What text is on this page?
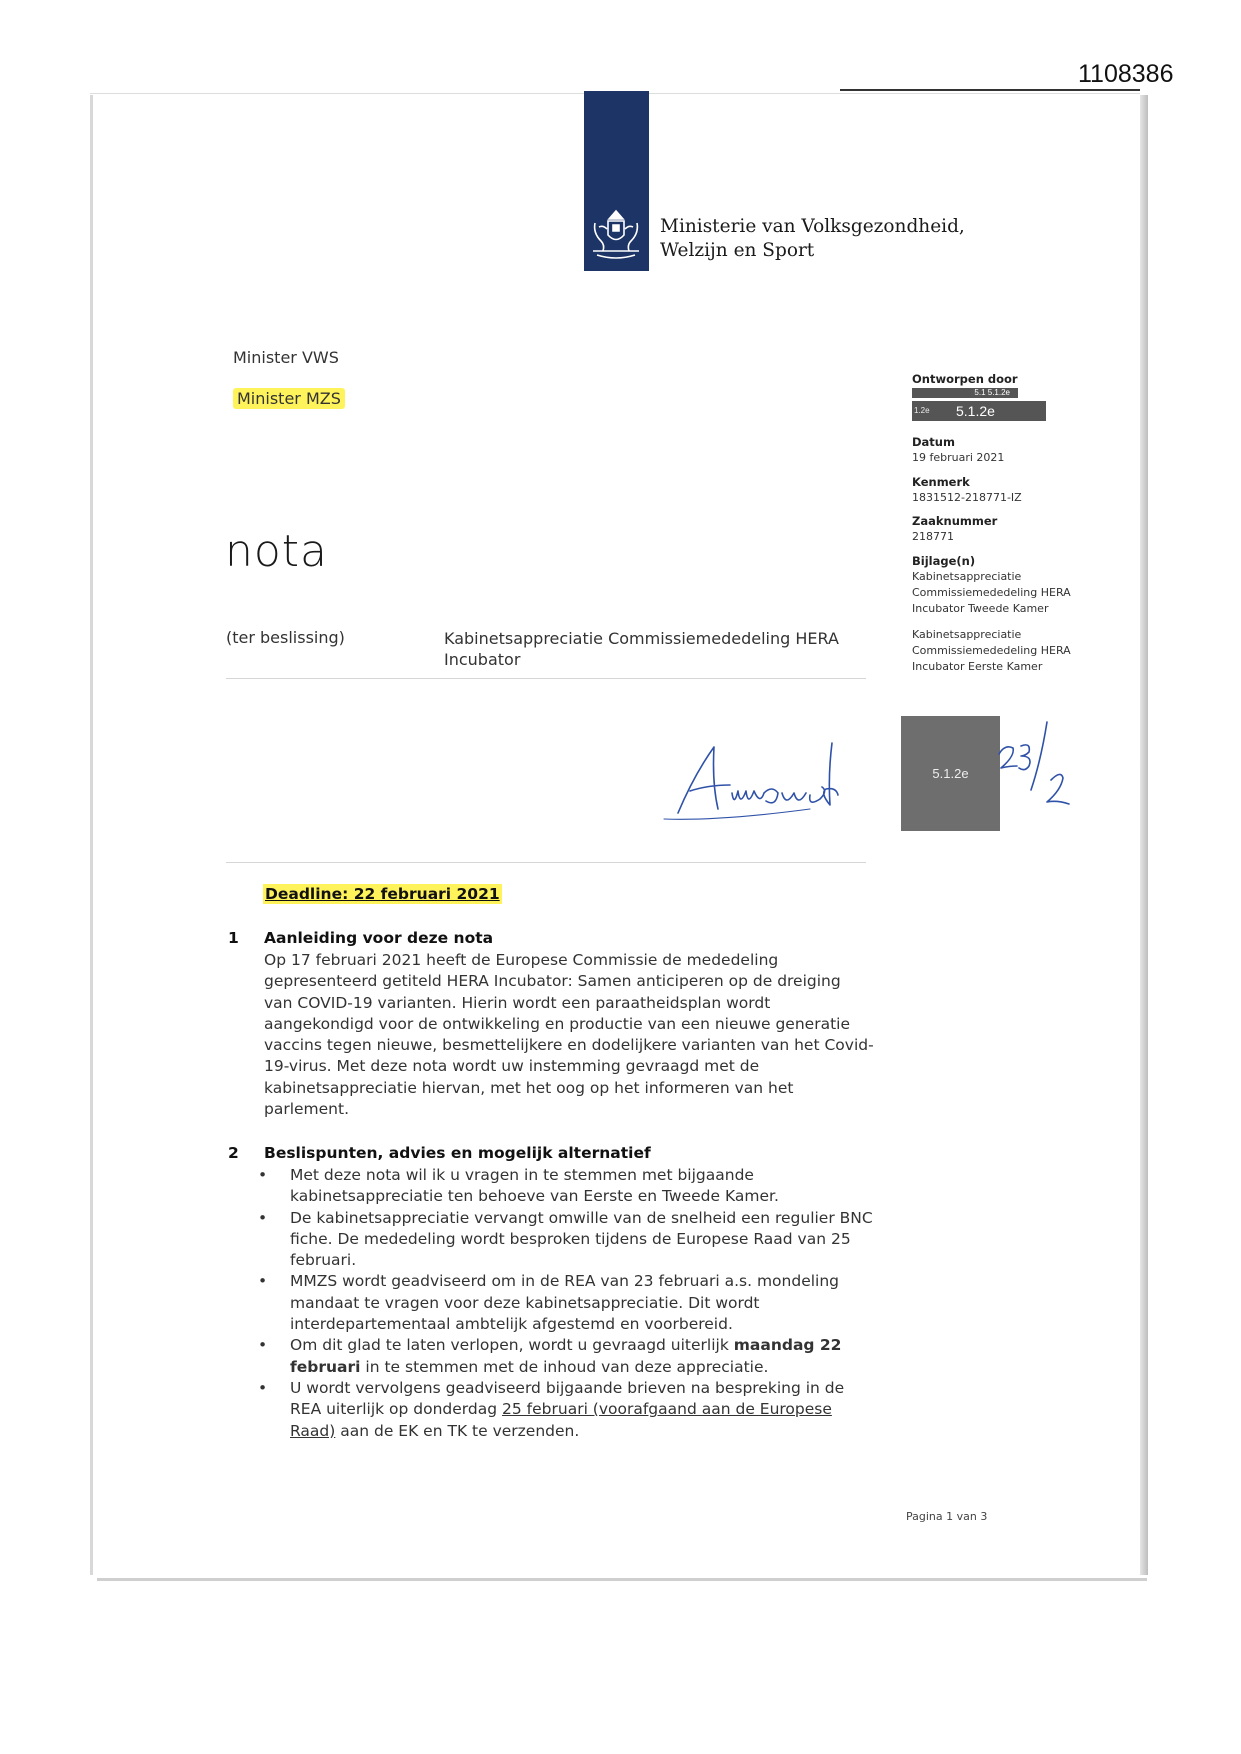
1108386
Ministerie van Volksgezondheid,
Welzijn en Sport
Minister VWS
Minister MZS
nota
(ter beslissing)	Kabinetsappreciatie Commissiemededeling HERA Incubator
Ontworpen door
5.1 5.1.2e
5.1.2e
1.2e
Datum
19 februari 2021
Kenmerk
1831512-218771-IZ
Zaaknummer
218771
Bijlage(n)
Kabinetsappreciatie
Commissiemededeling HERA
Incubator Tweede Kamer
Kabinetsappreciatie
Commissiemededeling HERA
Incubator Eerste Kamer
5.1.2e
Deadline: 22 februari 2021
1 Aanleiding voor deze nota

Op 17 februari 2021 heeft de Europese Commissie de mededeling

gepresenteerd getiteld HERA Incubator: Samen anticiperen op de dreiging

van COVID-19 varianten. Hierin wordt een paraatheidsplan wordt

aangekondigd voor de ontwikkeling en productie van een nieuwe generatie

vaccins tegen nieuwe, besmettelijkere en dodelijkere varianten van het Covid-

19-virus. Met deze nota wordt uw instemming gevraagd met de

kabinetsappreciatie hiervan, met het oog op het informeren van het

parlement.

2 Beslispunten, advies en mogelijk alternatief
• Met deze nota wil ik u vragen in te stemmen met bijgaande
kabinetsappreciatie ten behoeve van Eerste en Tweede Kamer.
• De kabinetsappreciatie vervangt omwille van de snelheid een regulier BNC
fiche. De mededeling wordt besproken tijdens de Europese Raad van 25
februari.
• MMZS wordt geadviseerd om in de REA van 23 februari a.s. mondeling
mandaat te vragen voor deze kabinetsappreciatie. Dit wordt
interdepartementaal ambtelijk afgestemd en voorbereid.
• Om dit glad te laten verlopen, wordt u gevraagd uiterlijk maandag 22
februari in te stemmen met de inhoud van deze appreciatie.
• U wordt vervolgens geadviseerd bijgaande brieven na bespreking in de
REA uiterlijk op donderdag 25 februari (voorafgaand aan de Europese
Raad) aan de EK en TK te verzenden.
Pagina 1 van 3
